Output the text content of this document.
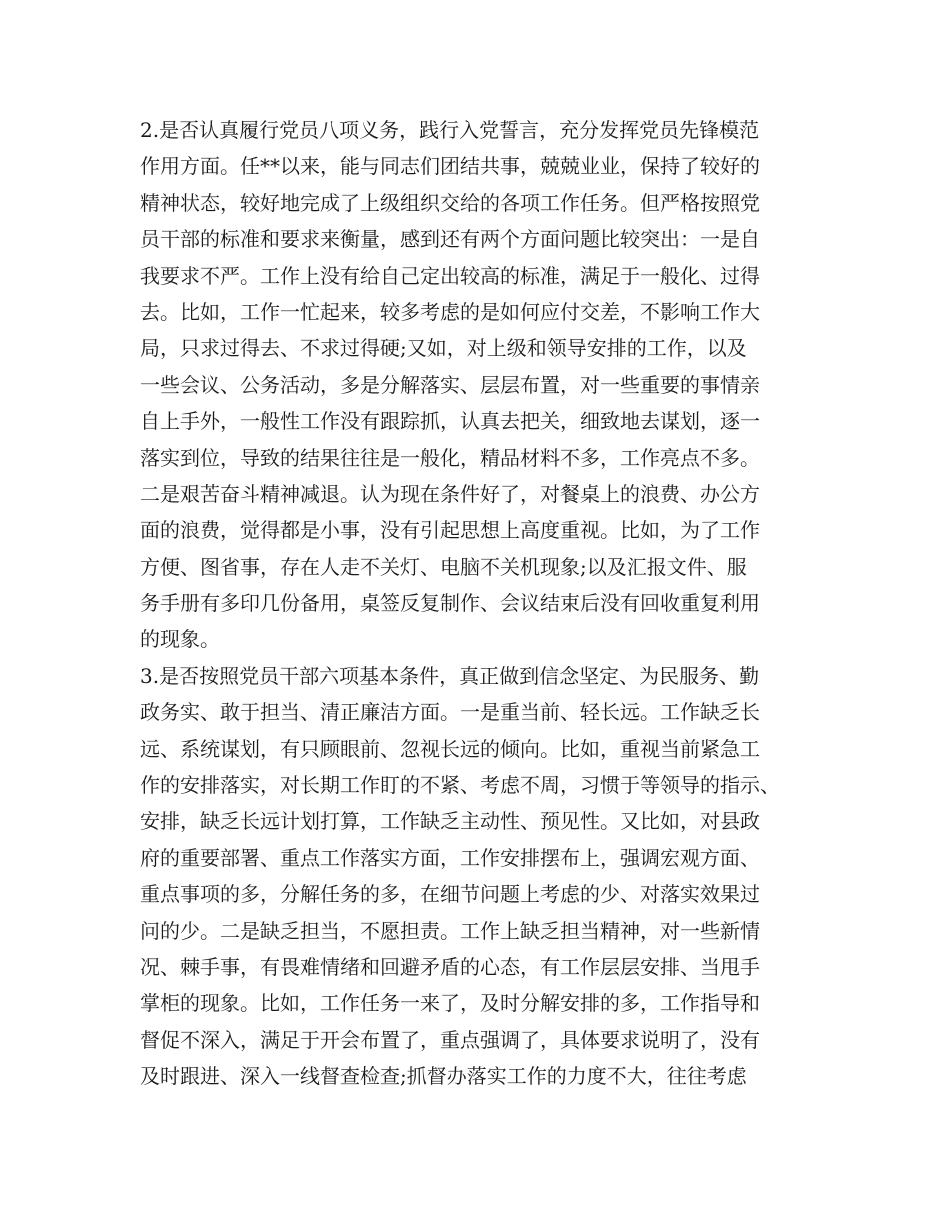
2.是否认真履行党员八项义务，践行入党誓言，充分发挥党员先锋模范
作用方面。任**以来，能与同志们团结共事，兢兢业业，保持了较好的
精神状态，较好地完成了上级组织交给的各项工作任务。但严格按照党
员干部的标准和要求来衡量，感到还有两个方面问题比较突出：一是自
我要求不严。工作上没有给自己定出较高的标准，满足于一般化、过得
去。比如，工作一忙起来，较多考虑的是如何应付交差，不影响工作大
局，只求过得去、不求过得硬;又如，对上级和领导安排的工作，以及
一些会议、公务活动，多是分解落实、层层布置，对一些重要的事情亲
自上手外，一般性工作没有跟踪抓，认真去把关，细致地去谋划，逐一
落实到位，导致的结果往往是一般化，精品材料不多，工作亮点不多。
二是艰苦奋斗精神减退。认为现在条件好了，对餐桌上的浪费、办公方
面的浪费，觉得都是小事，没有引起思想上高度重视。比如，为了工作
方便、图省事，存在人走不关灯、电脑不关机现象;以及汇报文件、服
务手册有多印几份备用，桌签反复制作、会议结束后没有回收重复利用
的现象。
3.是否按照党员干部六项基本条件，真正做到信念坚定、为民服务、勤
政务实、敢于担当、清正廉洁方面。一是重当前、轻长远。工作缺乏长
远、系统谋划，有只顾眼前、忽视长远的倾向。比如，重视当前紧急工
作的安排落实，对长期工作盯的不紧、考虑不周，习惯于等领导的指示、
安排，缺乏长远计划打算，工作缺乏主动性、预见性。又比如，对县政
府的重要部署、重点工作落实方面，工作安排摆布上，强调宏观方面、
重点事项的多，分解任务的多，在细节问题上考虑的少、对落实效果过
问的少。二是缺乏担当，不愿担责。工作上缺乏担当精神，对一些新情
况、棘手事，有畏难情绪和回避矛盾的心态，有工作层层安排、当甩手
掌柜的现象。比如，工作任务一来了，及时分解安排的多，工作指导和
督促不深入，满足于开会布置了，重点强调了，具体要求说明了，没有
及时跟进、深入一线督查检查;抓督办落实工作的力度不大，往往考虑
